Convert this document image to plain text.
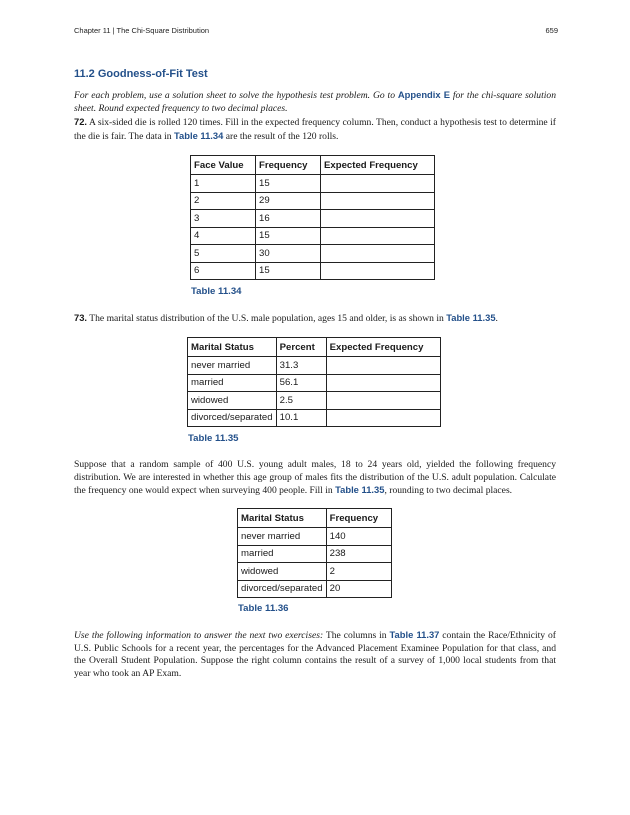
Chapter 11 | The Chi-Square Distribution	659
11.2 Goodness-of-Fit Test

For each problem, use a solution sheet to solve the hypothesis test problem. Go to Appendix E for the chi-square solution sheet. Round expected frequency to two decimal places.

72. A six-sided die is rolled 120 times. Fill in the expected frequency column. Then, conduct a hypothesis test to determine if the die is fair. The data in Table 11.34 are the result of the 120 rolls.

Face Value	Frequency	Expected Frequency
1	15	
2	29	
3	16	
4	15	
5	30	
6	15	

Table 11.34

73. The marital status distribution of the U.S. male population, ages 15 and older, is as shown in Table 11.35.

Marital Status	Percent	Expected Frequency
never married	31.3	
married	56.1	
widowed	2.5	
divorced/separated	10.1	

Table 11.35

Suppose that a random sample of 400 U.S. young adult males, 18 to 24 years old, yielded the following frequency distribution. We are interested in whether this age group of males fits the distribution of the U.S. adult population. Calculate the frequency one would expect when surveying 400 people. Fill in Table 11.35, rounding to two decimal places.

Marital Status	Frequency
never married	140
married	238
widowed	2
divorced/separated	20

Table 11.36

Use the following information to answer the next two exercises: The columns in Table 11.37 contain the Race/Ethnicity of U.S. Public Schools for a recent year, the percentages for the Advanced Placement Examinee Population for that class, and the Overall Student Population. Suppose the right column contains the result of a survey of 1,000 local students from that year who took an AP Exam.
